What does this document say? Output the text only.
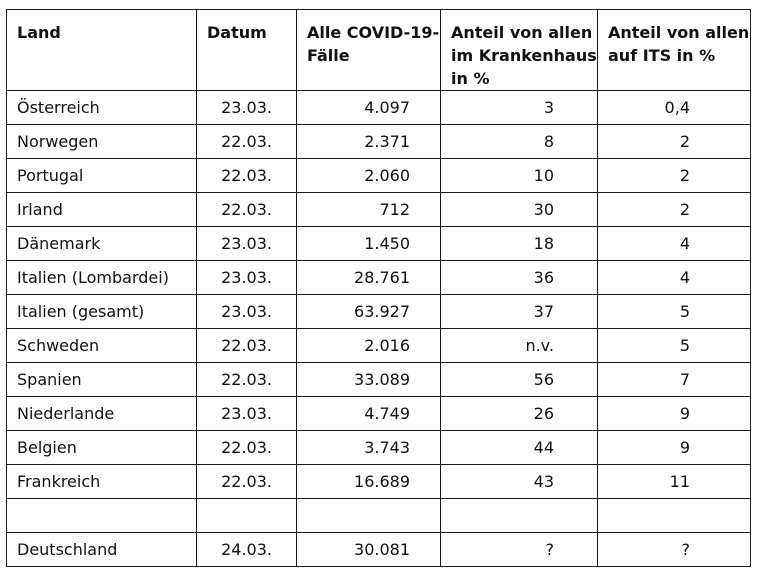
Land	Datum	Alle COVID-19-Fälle	Anteil von allen im Krankenhaus in %	Anteil von allen auf ITS in %
Österreich	23.03.	4.097	3	0,4
Norwegen	22.03.	2.371	8	2
Portugal	22.03.	2.060	10	2
Irland	22.03.	712	30	2
Dänemark	23.03.	1.450	18	4
Italien (Lombardei)	23.03.	28.761	36	4
Italien (gesamt)	23.03.	63.927	37	5
Schweden	22.03.	2.016	n.v.	5
Spanien	22.03.	33.089	56	7
Niederlande	23.03.	4.749	26	9
Belgien	22.03.	3.743	44	9
Frankreich	22.03.	16.689	43	11

Deutschland	24.03.	30.081	?	?
